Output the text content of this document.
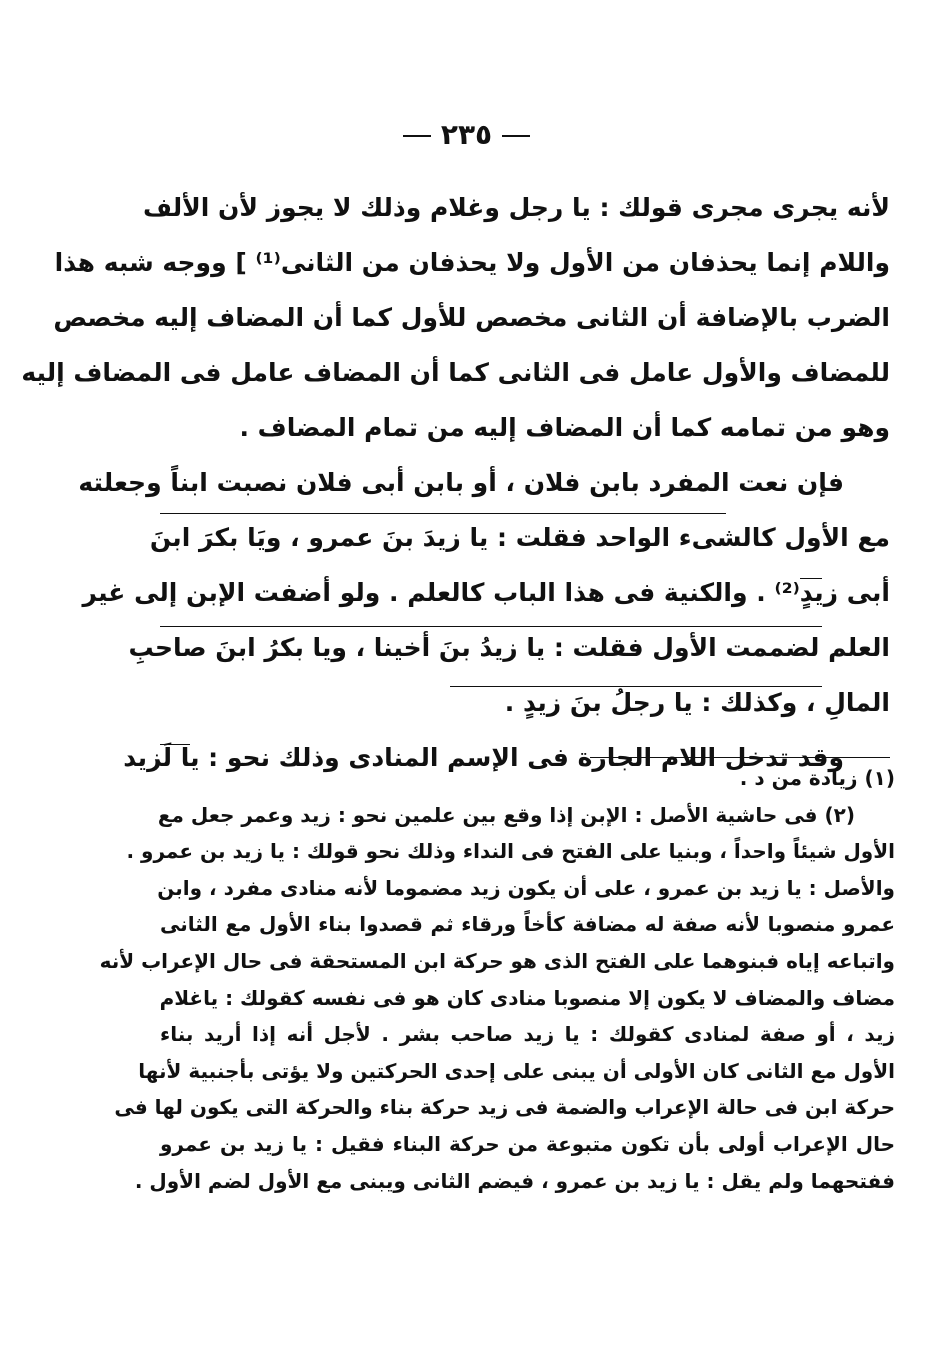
٢٣٥
لأنه يجرى مجرى قولك : يا رجل وغلام وذلك لا يجوز لأن الألف
واللام إنما يحذفان من الأول ولا يحذفان من الثانى⁽¹⁾ ] ووجه شبه هذا
الضرب بالإضافة أن الثانى مخصص للأول كما أن المضاف إليه مخصص
للمضاف والأول عامل فى الثانى كما أن المضاف عامل فى المضاف إليه
وهو من تمامه كما أن المضاف إليه من تمام المضاف .
فإن نعت المفرد بابن فلان ، أو بابن أبى فلان نصبت ابناً وجعلته
مع الأول كالشىء الواحد فقلت : يا زيدَ بنَ عمرو ، ويَا بكرَ ابنَ
أبى زيدٍ⁽²⁾ . والكنية فى هذا الباب كالعلم . ولو أضفت الإبن إلى غير
العلم لضممت الأول فقلت : يا زيدُ بنَ أخينا ، ويا بكرُ ابنَ صاحبِ
المالِ ، وكذلك : يا رجلُ بنَ زيدٍ .
وقد تدخل اللام الجارة فى الإسم المنادى وذلك نحو : يا لَزيد
(١) زيادة من د .
(٢) فى حاشية الأصل : الإبن إذا وقع بين علمين نحو : زيد وعمر جعل مع
الأول شيئاً واحداً ، وبنيا على الفتح فى النداء وذلك نحو قولك : يا زيد بن عمرو .
والأصل : يا زيد بن عمرو ، على أن يكون زيد مضموما لأنه منادى مفرد ، وابن
عمرو منصوبا لأنه صفة له مضافة كأخاً ورقاء ثم قصدوا بناء الأول مع الثانى
واتباعه إياه فبنوهما على الفتح الذى هو حركة ابن المستحقة فى حال الإعراب لأنه
مضاف والمضاف لا يكون إلا منصوبا منادى كان هو فى نفسه كقولك : ياغلام
زيد ، أو صفة لمنادى كقولك : يا زيد صاحب بشر . لأجل أنه إذا أريد بناء
الأول مع الثانى كان الأولى أن يبنى على إحدى الحركتين ولا يؤتى بأجنبية لأنها
حركة ابن فى حالة الإعراب والضمة فى زيد حركة بناء والحركة التى يكون لها فى
حال الإعراب أولى بأن تكون متبوعة من حركة البناء فقيل : يا زيد بن عمرو
ففتحهما ولم يقل : يا زيد بن عمرو ، فيضم الثانى ويبنى مع الأول لضم الأول .
